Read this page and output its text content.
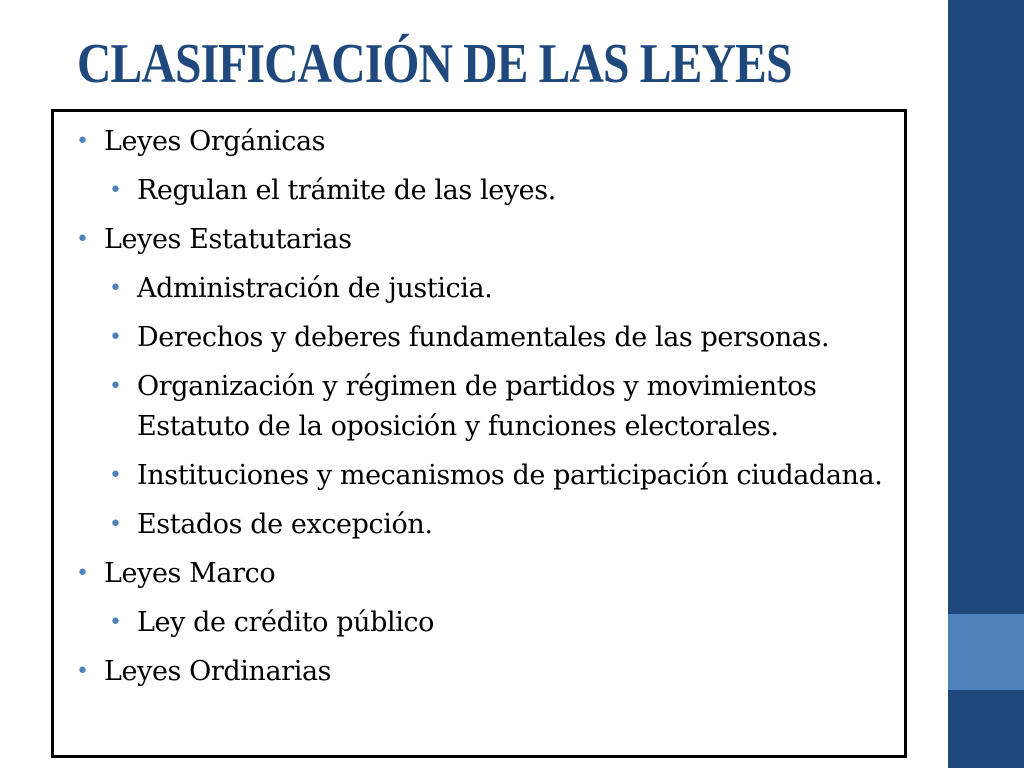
CLASIFICACIÓN DE LAS LEYES
• Leyes Orgánicas
• Regulan el trámite de las leyes.
• Leyes Estatutarias
• Administración de justicia.
• Derechos y deberes fundamentales de las personas.
• Organización y régimen de partidos y movimientos Estatuto de la oposición y funciones electorales.
• Instituciones y mecanismos de participación ciudadana.
• Estados de excepción.
• Leyes Marco
• Ley de crédito público
• Leyes Ordinarias
